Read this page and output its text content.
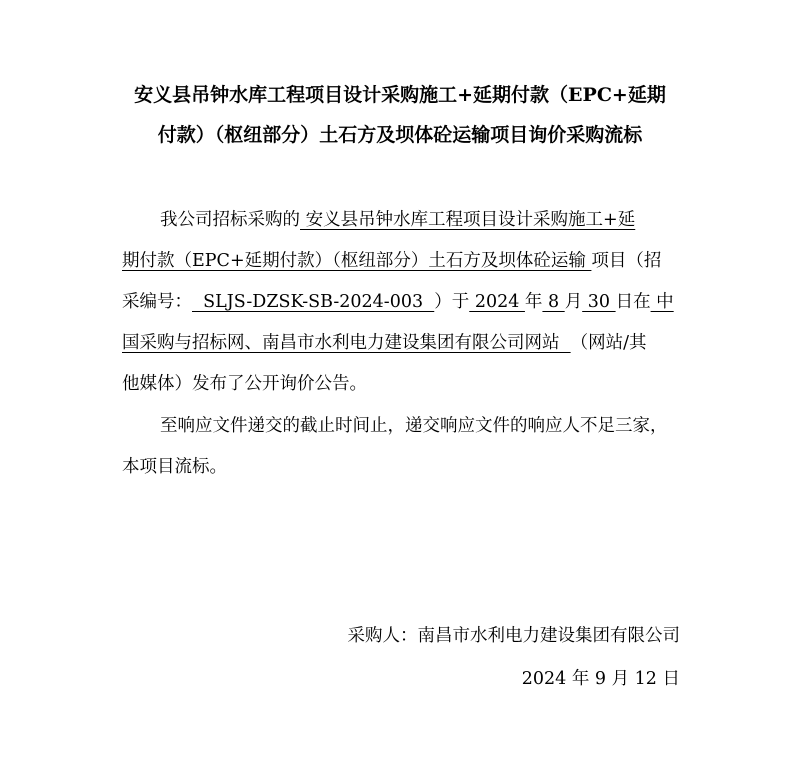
安义县吊钟水库工程项目设计采购施工+延期付款（EPC+延期
付款）（枢纽部分）土石方及坝体砼运输项目询价采购流标
我公司招标采购的 安义县吊钟水库工程项目设计采购施工+延
期付款（EPC+延期付款）（枢纽部分）土石方及坝体砼运输 项目（招
采编号：  SLJS-DZSK-SB-2024-003  ）于 2024 年 8 月 30 日在 中
国采购与招标网、南昌市水利电力建设集团有限公司网站  （网站/其
他媒体）发布了公开询价公告。
至响应文件递交的截止时间止，递交响应文件的响应人不足三家，
本项目流标。
采购人：南昌市水利电力建设集团有限公司
2024 年 9 月 12 日
